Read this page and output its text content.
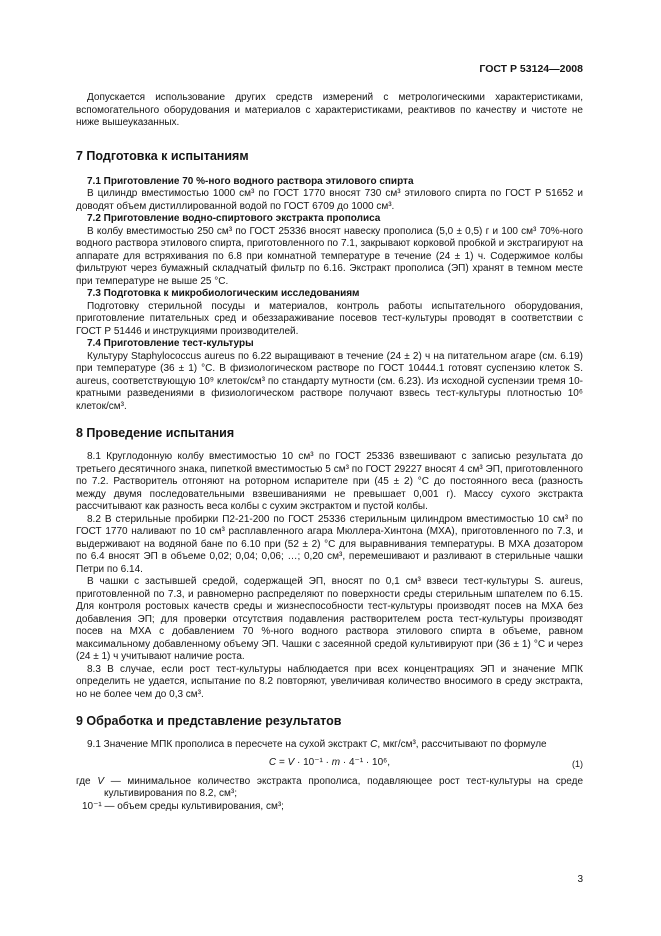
ГОСТ Р 53124—2008

Допускается использование других средств измерений с метрологическими характеристиками, вспомогательного оборудования и материалов с характеристиками, реактивов по качеству и чистоте не ниже вышеуказанных.

7 Подготовка к испытаниям

7.1 Приготовление 70 %-ного водного раствора этилового спирта

В цилиндр вместимостью 1000 см³ по ГОСТ 1770 вносят 730 см³ этилового спирта по ГОСТ Р 51652 и доводят объем дистиллированной водой по ГОСТ 6709 до 1000 см³.

7.2 Приготовление водно-спиртового экстракта прополиса

В колбу вместимостью 250 см³ по ГОСТ 25336 вносят навеску прополиса (5,0 ± 0,5) г и 100 см³ 70%-ного водного раствора этилового спирта, приготовленного по 7.1, закрывают корковой пробкой и экстрагируют на аппарате для встряхивания по 6.8 при комнатной температуре в течение (24 ± 1) ч. Содержимое колбы фильтруют через бумажный складчатый фильтр по 6.16. Экстракт прополиса (ЭП) хранят в темном месте при температуре не выше 25 °С.

7.3 Подготовка к микробиологическим исследованиям

Подготовку стерильной посуды и материалов, контроль работы испытательного оборудования, приготовление питательных сред и обеззараживание посевов тест-культуры проводят в соответствии с ГОСТ Р 51446 и инструкциями производителей.

7.4 Приготовление тест-культуры

Культуру Staphylococcus aureus по 6.22 выращивают в течение (24 ± 2) ч на питательном агаре (см. 6.19) при температуре (36 ± 1) °С. В физиологическом растворе по ГОСТ 10444.1 готовят суспензию клеток S. aureus, соответствующую 10⁹ клеток/см³ по стандарту мутности (см. 6.23). Из исходной суспензии тремя 10-кратными разведениями в физиологическом растворе получают взвесь тест-культуры плотностью 10⁶ клеток/см³.

8 Проведение испытания

8.1 Круглодонную колбу вместимостью 10 см³ по ГОСТ 25336 взвешивают с записью результата до третьего десятичного знака, пипеткой вместимостью 5 см³ по ГОСТ 29227 вносят 4 см³ ЭП, приготовленного по 7.2. Растворитель отгоняют на роторном испарителе при (45 ± 2) °С до постоянного веса (разность между двумя последовательными взвешиваниями не превышает 0,001 г). Массу сухого экстракта рассчитывают как разность веса колбы с сухим экстрактом и пустой колбы.

8.2 В стерильные пробирки П2-21-200 по ГОСТ 25336 стерильным цилиндром вместимостью 10 см³ по ГОСТ 1770 наливают по 10 см³ расплавленного агара Мюллера-Хинтона (МХА), приготовленного по 7.3, и выдерживают на водяной бане по 6.10 при (52 ± 2) °С для выравнивания температуры. В МХА дозатором по 6.4 вносят ЭП в объеме 0,02; 0,04; 0,06; …; 0,20 см³, перемешивают и разливают в стерильные чашки Петри по 6.14.

В чашки с застывшей средой, содержащей ЭП, вносят по 0,1 см³ взвеси тест-культуры S. aureus, приготовленной по 7.3, и равномерно распределяют по поверхности среды стерильным шпателем по 6.15. Для контроля ростовых качеств среды и жизнеспособности тест-культуры производят посев на МХА без добавления ЭП; для проверки отсутствия подавления растворителем роста тест-культуры производят посев на МХА с добавлением 70 %-ного водного раствора этилового спирта в объеме, равном максимальному добавленному объему ЭП. Чашки с засеянной средой культивируют при (36 ± 1) °С и через (24 ± 1) ч учитывают наличие роста.

8.3 В случае, если рост тест-культуры наблюдается при всех концентрациях ЭП и значение МПК определить не удается, испытание по 8.2 повторяют, увеличивая количество вносимого в среду экстракта, но не более чем до 0,3 см³.

9 Обработка и представление результатов

9.1 Значение МПК прополиса в пересчете на сухой экстракт C, мкг/см³, рассчитывают по формуле

C = V · 10⁻¹ · m · 4⁻¹ · 10⁶,	(1)

где V — минимальное количество экстракта прополиса, подавляющее рост тест-культуры на среде культивирования по 8.2, см³;

10⁻¹ — объем среды культивирования, см³;

3
